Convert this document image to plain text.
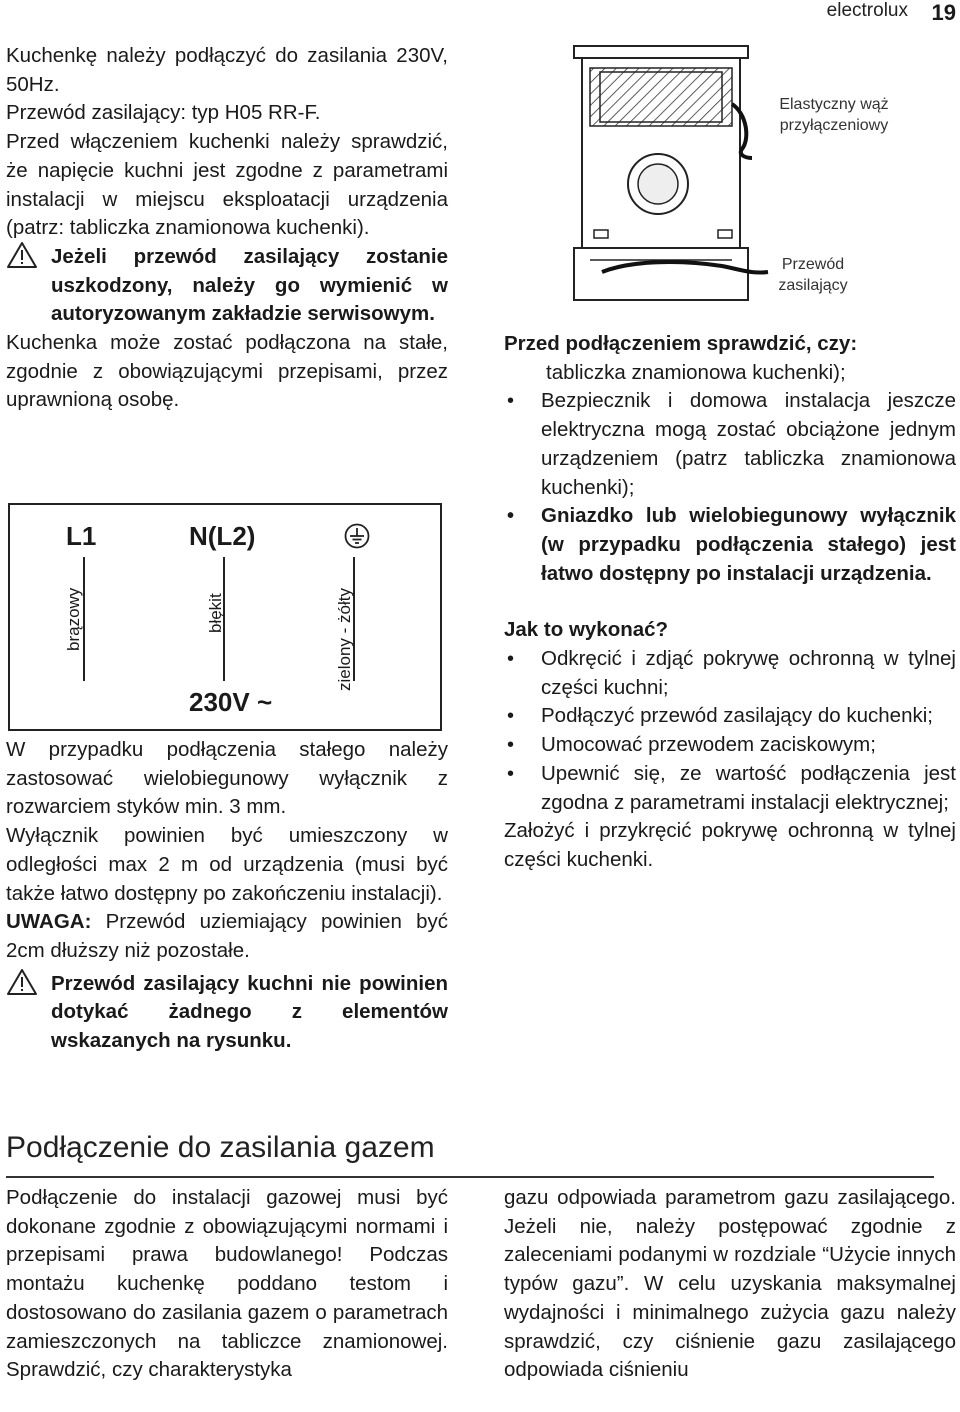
electrolux 19

Kuchenkę należy podłączyć do zasilania 230V, 50Hz.

Przewód zasilający: typ H05 RR-F.

Przed włączeniem kuchenki należy sprawdzić, że napięcie kuchni jest zgodne z parametrami instalacji w miejscu eksploatacji urządzenia (patrz: tabliczka znamionowa kuchenki).

Jeżeli przewód zasilający zostanie uszkodzony, należy go wymienić w autoryzowanym zakładzie serwisowym.

Kuchenka może zostać podłączona na stałe, zgodnie z obowiązującymi przepisami, przez uprawnioną osobę.

L1	N(L2)
brązowy	błękit	zielony - żółty
230V ~

W przypadku podłączenia stałego należy zastosować wielobiegunowy wyłącznik z rozwarciem styków min. 3 mm.

Wyłącznik powinien być umieszczony w odległości max 2 m od urządzenia (musi być także łatwo dostępny po zakończeniu instalacji).

UWAGA: Przewód uziemiający powinien być 2cm dłuższy niż pozostałe.

Przewód zasilający kuchni nie powinien dotykać żadnego z elementów wskazanych na rysunku.
Elastyczny wąż przyłączeniowy
Przewód zasilający

Przed podłączeniem sprawdzić, czy:

tabliczka znamionowa kuchenki);

• Bezpiecznik i domowa instalacja jeszcze elektryczna mogą zostać obciążone jednym urządzeniem (patrz tabliczka znamionowa kuchenki);
• Gniazdko lub wielobiegunowy wyłącznik (w przypadku podłączenia stałego) jest łatwo dostępny po instalacji urządzenia.

Jak to wykonać?

• Odkręcić i zdjąć pokrywę ochronną w tylnej części kuchni;
• Podłączyć przewód zasilający do kuchenki;
• Umocować przewodem zaciskowym;
• Upewnić się, ze wartość podłączenia jest zgodna z parametrami instalacji elektrycznej;

Założyć i przykręcić pokrywę ochronną w tylnej części kuchenki.

Podłączenie do zasilania gazem
Podłączenie do instalacji gazowej musi być dokonane zgodnie z obowiązującymi normami i przepisami prawa budowlanego! Podczas montażu kuchenkę poddano testom i dostosowano do zasilania gazem o parametrach zamieszczonych na tabliczce znamionowej. Sprawdzić, czy charakterystyka
gazu odpowiada parametrom gazu zasilającego. Jeżeli nie, należy postępować zgodnie z zaleceniami podanymi w rozdziale “Użycie innych typów gazu”. W celu uzyskania maksymalnej wydajności i minimalnego zużycia gazu należy sprawdzić, czy ciśnienie gazu zasilającego odpowiada ciśnieniu
